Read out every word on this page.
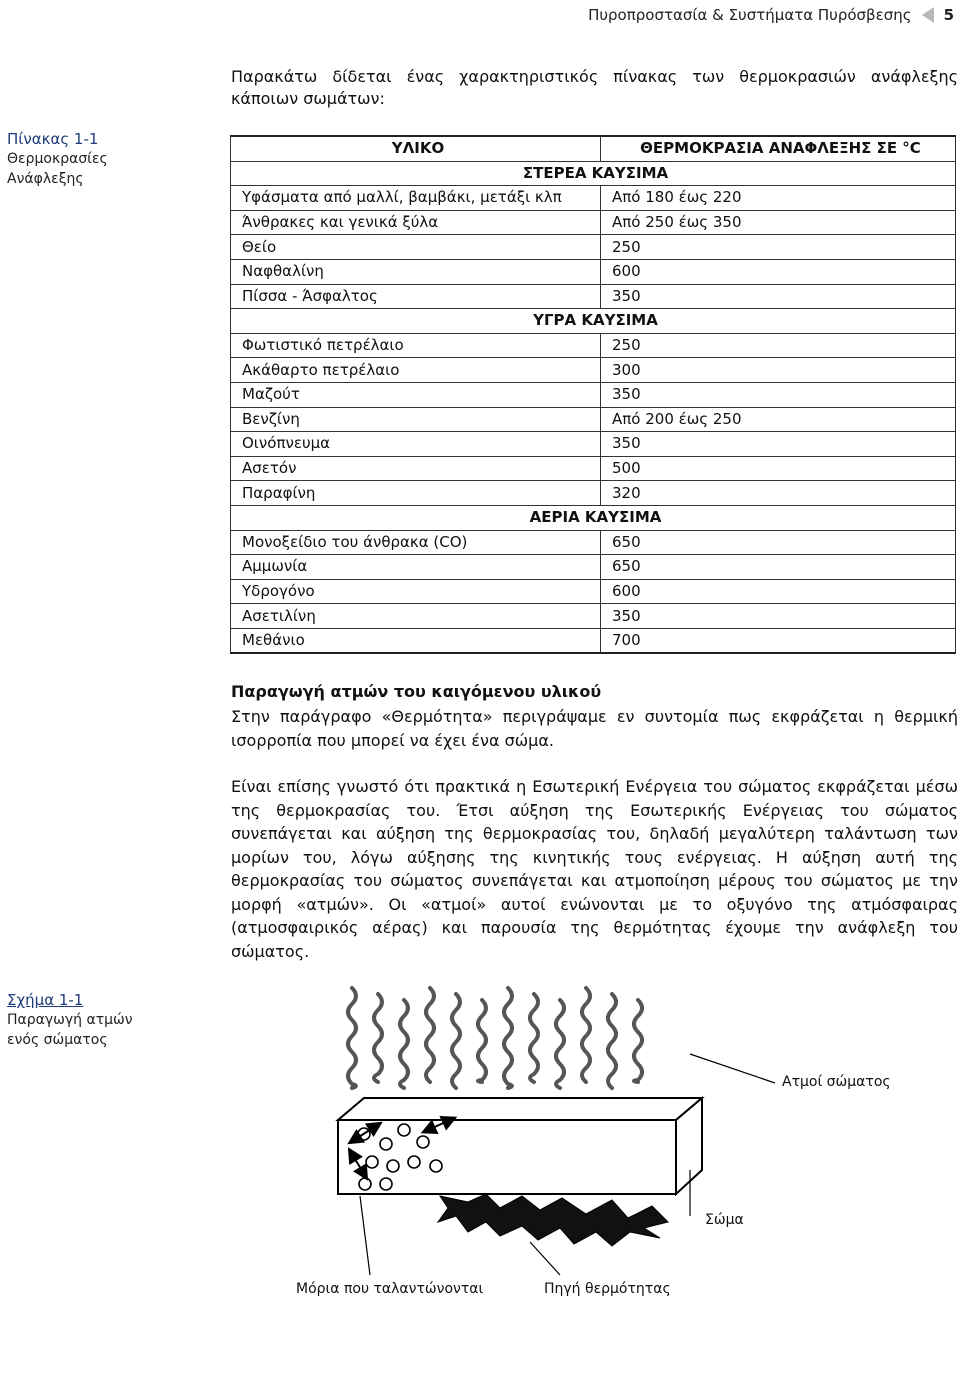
Πυροπροστασία & Συστήματα Πυρόσβεσης 5
Παρακάτω δίδεται ένας χαρακτηριστικός πίνακας των θερμοκρασιών ανάφλεξης κάποιων σωμάτων:
Πίνακας 1-1
Θερμοκρασίες
Ανάφλεξης
ΥΛΙΚΟ	ΘΕΡΜΟΚΡΑΣΙΑ ΑΝΑΦΛΕΞΗΣ ΣΕ °C
ΣΤΕΡΕΑ ΚΑΥΣΙΜΑ	
Υφάσματα από μαλλί, βαμβάκι, μετάξι κλπ	Από 180 έως 220
Άνθρακες και γενικά ξύλα	Από 250 έως 350
Θείο	250
Ναφθαλίνη	600
Πίσσα - Άσφαλτος	350
ΥΓΡΑ ΚΑΥΣΙΜΑ	
Φωτιστικό πετρέλαιο	250
Ακάθαρτο πετρέλαιο	300
Μαζούτ	350
Βενζίνη	Από 200 έως 250
Οινόπνευμα	350
Ασετόν	500
Παραφίνη	320
ΑΕΡΙΑ ΚΑΥΣΙΜΑ	
Μονοξείδιο του άνθρακα (CO)	650
Αμμωνία	650
Υδρογόνο	600
Ασετιλίνη	350
Μεθάνιο	700
Παραγωγή ατμών του καιγόμενου υλικού

Στην παράγραφο «Θερμότητα» περιγράψαμε εν συντομία πως εκφράζεται η θερμική ισορροπία που μπορεί να έχει ένα σώμα.

Είναι επίσης γνωστό ότι πρακτικά η Εσωτερική Ενέργεια του σώματος εκφράζεται μέσω της θερμοκρασίας του. Έτσι αύξηση της Εσωτερικής Ενέργειας του σώματος συνεπάγεται και αύξηση της θερμοκρασίας του, δηλαδή μεγαλύτερη ταλάντωση των μορίων του, λόγω αύξησης της κινητικής τους ενέργειας. Η αύξηση αυτή της θερμοκρασίας του σώματος συνεπάγεται και ατμοποίηση μέρους του σώματος με την μορφή «ατμών». Οι «ατμοί» αυτοί ενώνονται με το οξυγόνο της ατμόσφαιρας (ατμοσφαιρικός αέρας) και παρουσία της θερμότητας έχουμε την ανάφλεξη του σώματος.

Σχήμα 1-1
Παραγωγή ατμών
ενός σώματος
Ατμοί σώματος
Σώμα
Μόρια που ταλαντώνονται	Πηγή θερμότητας
